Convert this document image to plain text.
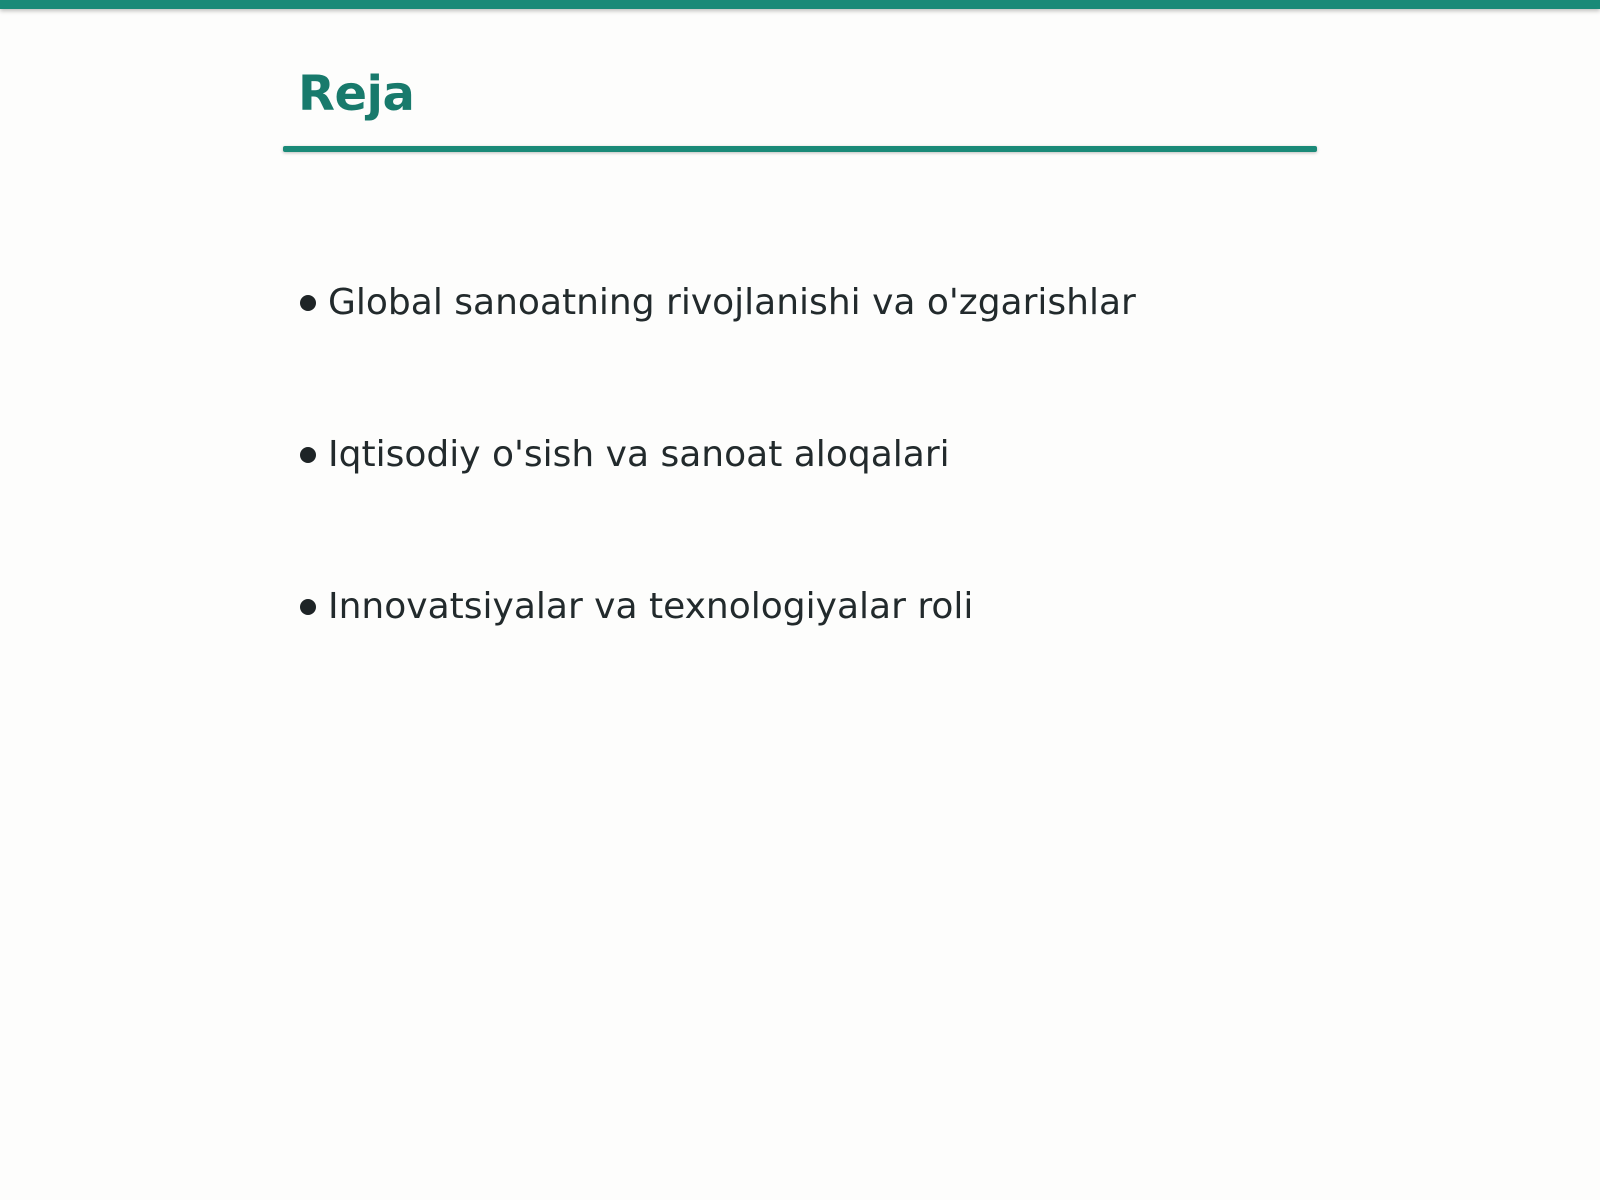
Reja
Global sanoatning rivojlanishi va o'zgarishlar
Iqtisodiy o'sish va sanoat aloqalari
Innovatsiyalar va texnologiyalar roli
